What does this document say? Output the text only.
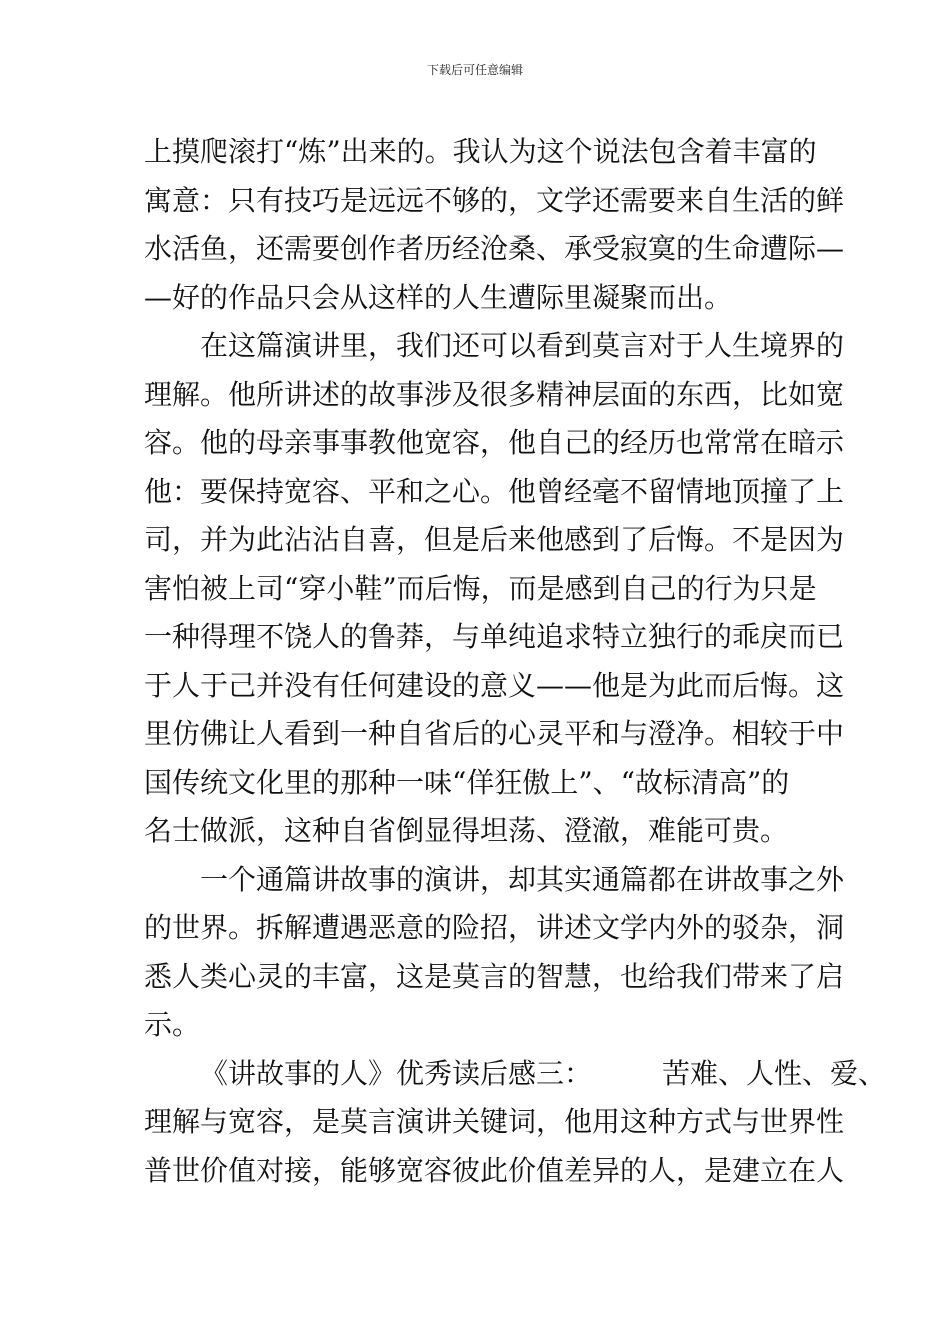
下载后可任意编辑
上摸爬滚打“炼”出来的。我认为这个说法包含着丰富的
寓意：只有技巧是远远不够的，文学还需要来自生活的鲜
水活鱼，还需要创作者历经沧桑、承受寂寞的生命遭际—
—好的作品只会从这样的人生遭际里凝聚而出。
在这篇演讲里，我们还可以看到莫言对于人生境界的
理解。他所讲述的故事涉及很多精神层面的东西，比如宽
容。他的母亲事事教他宽容，他自己的经历也常常在暗示
他：要保持宽容、平和之心。他曾经毫不留情地顶撞了上
司，并为此沾沾自喜，但是后来他感到了后悔。不是因为
害怕被上司“穿小鞋”而后悔，而是感到自己的行为只是
一种得理不饶人的鲁莽，与单纯追求特立独行的乖戾而已
于人于己并没有任何建设的意义——他是为此而后悔。这
里仿佛让人看到一种自省后的心灵平和与澄净。相较于中
国传统文化里的那种一味“佯狂傲上”、“故标清高”的
名士做派，这种自省倒显得坦荡、澄澈，难能可贵。
一个通篇讲故事的演讲，却其实通篇都在讲故事之外
的世界。拆解遭遇恶意的险招，讲述文学内外的驳杂，洞
悉人类心灵的丰富，这是莫言的智慧，也给我们带来了启
示。
《讲故事的人》优秀读后感三：　　　苦难、人性、爱、
理解与宽容，是莫言演讲关键词，他用这种方式与世界性
普世价值对接，能够宽容彼此价值差异的人，是建立在人
